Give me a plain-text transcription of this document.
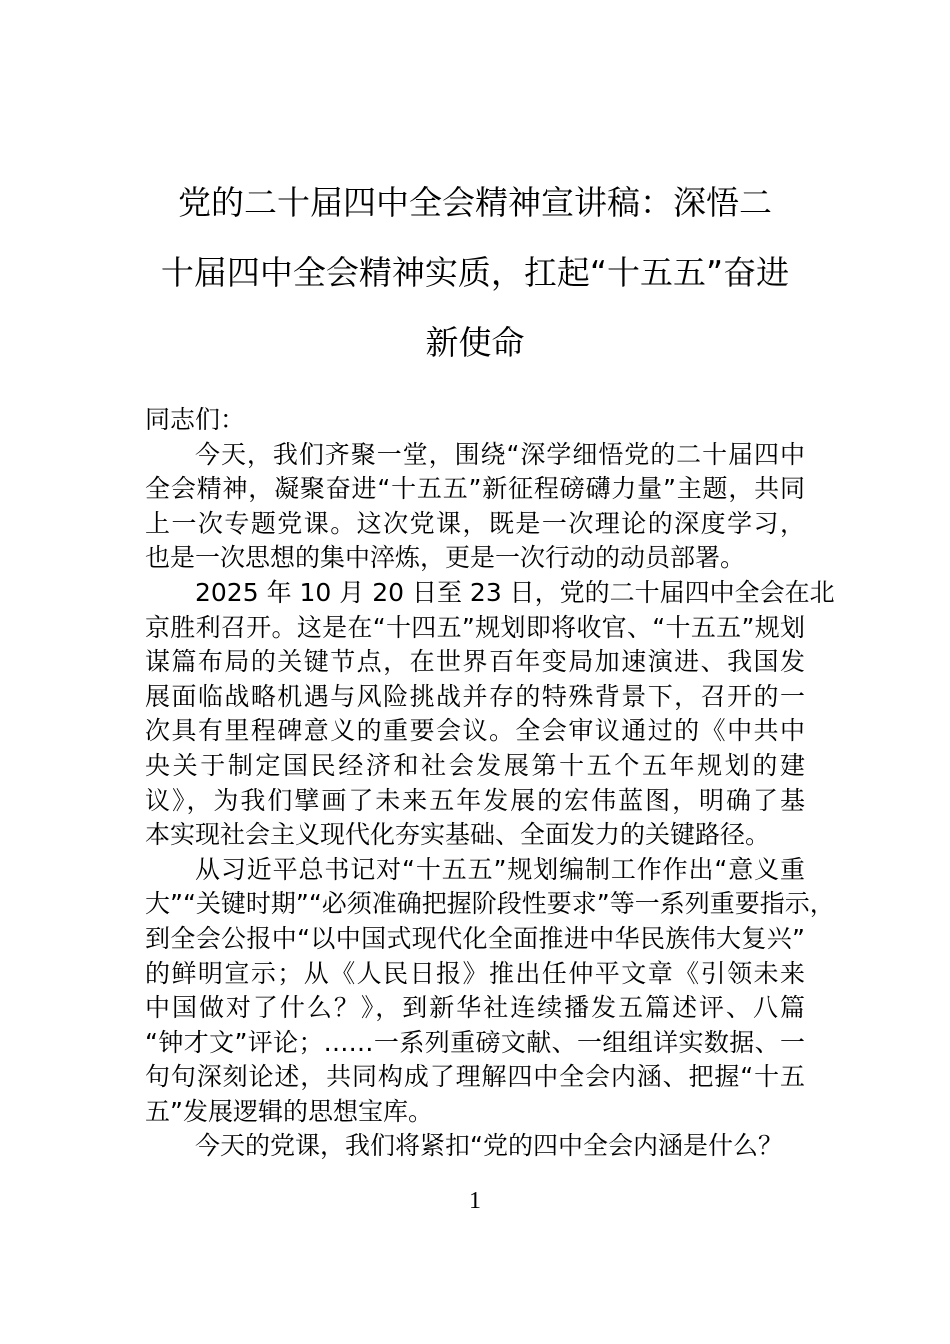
党的二十届四中全会精神宣讲稿：深悟二
十届四中全会精神实质，扛起“十五五”奋进
新使命
同志们：
今天，我们齐聚一堂，围绕“深学细悟党的二十届四中
全会精神，凝聚奋进“十五五”新征程磅礴力量”主题，共同
上一次专题党课。这次党课，既是一次理论的深度学习，
也是一次思想的集中淬炼，更是一次行动的动员部署。
2025 年 10 月 20 日至 23 日，党的二十届四中全会在北
京胜利召开。这是在“十四五”规划即将收官、“十五五”规划
谋篇布局的关键节点，在世界百年变局加速演进、我国发
展面临战略机遇与风险挑战并存的特殊背景下，召开的一
次具有里程碑意义的重要会议。全会审议通过的《中共中
央关于制定国民经济和社会发展第十五个五年规划的建
议》，为我们擘画了未来五年发展的宏伟蓝图，明确了基
本实现社会主义现代化夯实基础、全面发力的关键路径。
从习近平总书记对“十五五”规划编制工作作出“意义重
大”“关键时期”“必须准确把握阶段性要求”等一系列重要指示，
到全会公报中“以中国式现代化全面推进中华民族伟大复兴”
的鲜明宣示；从《人民日报》推出任仲平文章《引领未来
中国做对了什么？》，到新华社连续播发五篇述评、八篇
“钟才文”评论；……一系列重磅文献、一组组详实数据、一
句句深刻论述，共同构成了理解四中全会内涵、把握“十五
五”发展逻辑的思想宝库。
今天的党课，我们将紧扣“党的四中全会内涵是什么？
1
